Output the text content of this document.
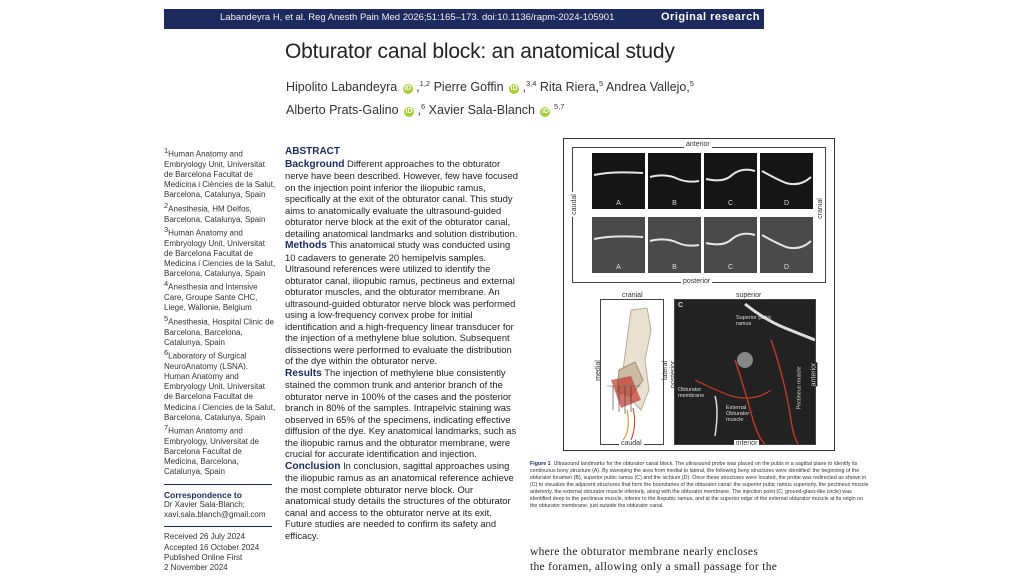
Labandeyra H, et al. Reg Anesth Pain Med 2026;51:165–173. doi:10.1136/rapm-2024-105901	Original research
Obturator canal block: an anatomical study
Hipolito Labandeyra iD ,$^{1,2}$ Pierre Goffin iD ,$^{3,4}$ Rita Riera,$^5$ Andrea Vallejo,$^5$
Alberto Prats-Galino iD ,$^6$ Xavier Sala-Blanch iD $^{5,7}$

$^1$Human Anatomy and Embryology Unit, Universitat de Barcelona Facultat de Medicina i Ciències de la Salut, Barcelona, Catalunya, Spain

$^2$Anesthesia, HM Delfos, Barcelona, Catalunya, Spain

$^3$Human Anatomy and Embryology Unit, Universitat de Barcelona Facultat de Medicina i Ciencies de la Salut, Barcelona, Catalunya, Spain

$^4$Anesthesia and Intensive Care, Groupe Sante CHC, Liege, Wallonie, Belgium

$^5$Anesthesia, Hospital Clinic de Barcelona, Barcelona, Catalunya, Spain

$^6$Laboratory of Surgical NeuroAnatomy (LSNA). Human Anatomy and Embryology Unit, Universitat de Barcelona Facultat de Medicina i Ciencies de la Salut, Barcelona, Catalunya, Spain

$^7$Human Anatomy and Embryology, Universitat de Barcelona Facultat de Medicina, Barcelona, Catalunya, Spain

Correspondence to

Dr Xavier Sala-Blanch;

xavi.sala.blanch@gmail.com

Received 26 July 2024

Accepted 16 October 2024

Published Online First

2 November 2024

ABSTRACT
Background Different approaches to the obturator nerve have been described. However, few have focused on the injection point inferior the iliopubic ramus, specifically at the exit of the obturator canal. This study aims to anatomically evaluate the ultrasound-guided obturator nerve block at the exit of the obturator canal, detailing anatomical landmarks and solution distribution.
Methods This anatomical study was conducted using 10 cadavers to generate 20 hemipelvis samples. Ultrasound references were utilized to identify the obturator canal, iliopubic ramus, pectineus and external obturator muscles, and the obturator membrane. An ultrasound-guided obturator nerve block was performed using a low-frequency convex probe for initial identification and a high-frequency linear transducer for the injection of a methylene blue solution. Subsequent dissections were performed to evaluate the distribution of the dye within the obturator nerve.
Results The injection of methylene blue consistently stained the common trunk and anterior branch of the obturator nerve in 100% of the cases and the posterior branch in 80% of the samples. Intrapelvic staining was observed in 65% of the specimens, indicating effective diffusion of the dye. Key anatomical landmarks, such as the iliopubic ramus and the obturator membrane, were crucial for accurate identification and injection.
Conclusion In conclusion, sagittal approaches using the iliopubic ramus as an anatomical reference achieve the most complete obturator nerve block. Our anatomical study details the structures of the obturator canal and access to the obturator nerve at its exit. Future studies are needed to confirm its safety and efficacy.
anterior
posterior
caudal	cranial
A	B	C	D
A	B	C	D
cranial
caudal
medial	lateral
superior
inferior
posterior	anterior
C
Superior pubic ramus
Obturator membrane
External Obturator muscle
Pectineus muscle
Figure 1 Ultrasound landmarks for the obturator canal block. The ultrasound probe was placed on the pubis in a sagittal plane to identify its continuous bony structure (A). By sweeping the area from medial to lateral, the following bony structures were identified: the beginning of the obturator foramen (B), superior pubic ramus (C) and the ischium (D). Once these structures were located, the probe was redirected as shown in (C) to visualize the adjacent structures that form the boundaries of the obturator canal: the superior pubic ramus superiorly, the pectineus muscle anteriorly, the external obturator muscle inferiorly, along with the obturator membrane. The injection point (C; ground-glass-like circle) was identified deep to the pectineus muscle, inferior to the iliopubic ramus, and at the superior edge of the external obturator muscle at its origin on the obturator membrane, just outside the obturator canal.
where the obturator membrane nearly encloses
the foramen, allowing only a small passage for the
